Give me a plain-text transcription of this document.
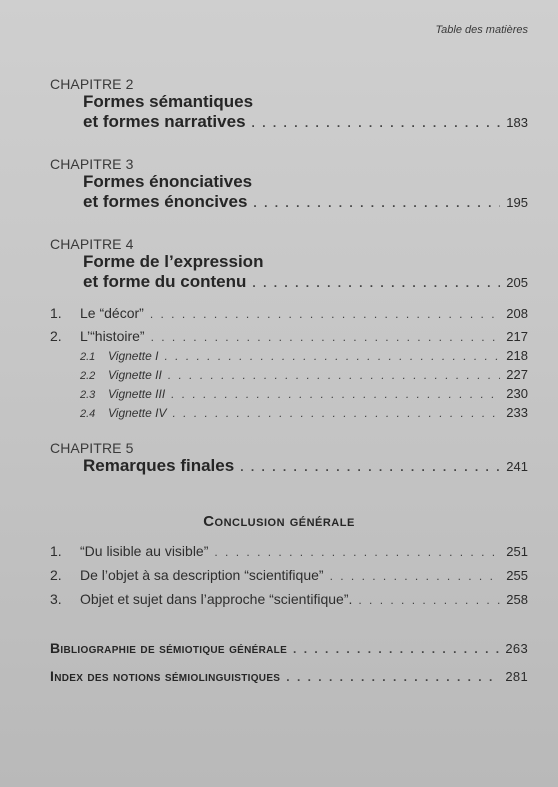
Table des matières
CHAPITRE 2
Formes sémantiques
et formes narratives . . .	183
CHAPITRE 3
Formes énonciatives
et formes énoncives . . .	195
CHAPITRE 4
Forme de l’expression
et forme du contenu . . .	205
1.	Le “décor” . . .	208
2.	L’“histoire” . . .	217
2.1	Vignette I . . .	218
2.2	Vignette II . . .	227
2.3	Vignette III . . .	230
2.4	Vignette IV . . .	233
CHAPITRE 5
Remarques finales . . .	241
Conclusion générale
1.	“Du lisible au visible” . . .	251
2.	De l’objet à sa description “scientifique” . . .	255
3.	Objet et sujet dans l’approche “scientifique”. . . .	258
Bibliographie de sémiotique générale . . .	263
Index des notions sémiolinguistiques . . .	281
